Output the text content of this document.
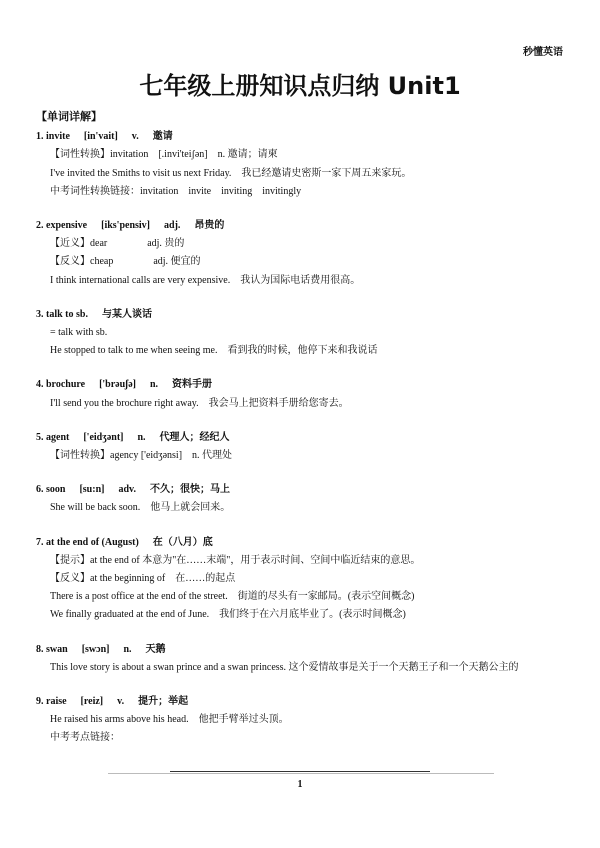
秒懂英语
七年级上册知识点归纳 Unit1
【单词详解】
1. invite [in'vait] v. 邀请
【词性转换】invitation　[.invi'teiʃən]　n. 邀请；请柬
I've invited the Smiths to visit us next Friday.　我已经邀请史密斯一家下周五来家玩。
中考词性转换链接：invitation　invite　inviting　invitingly
2. expensive [iks'pensiv] adj. 昂贵的
【近义】dear　　　　adj. 贵的
【反义】cheap　　　　adj. 便宜的
I think international calls are very expensive.　我认为国际电话费用很高。
3. talk to sb. 与某人谈话
= talk with sb.
He stopped to talk to me when seeing me.　看到我的时候，他停下来和我说话
4. brochure ['brəuʃə] n. 资料手册
I'll send you the brochure right away.　我会马上把资料手册给您寄去。
5. agent ['eidʒənt] n. 代理人；经纪人
【词性转换】agency ['eidʒənsi]　n. 代理处
6. soon [su:n] adv. 不久；很快；马上
She will be back soon.　他马上就会回来。
7. at the end of (August) 在（八月）底
【提示】at the end of 本意为"在……末端"，用于表示时间、空间中临近结束的意思。
【反义】at the beginning of　在……的起点
There is a post office at the end of the street.　街道的尽头有一家邮局。(表示空间概念)
We finally graduated at the end of June.　我们终于在六月底毕业了。(表示时间概念)
8. swan [swɔn] n. 天鹅
This love story is about a swan prince and a swan princess. 这个爱情故事是关于一个天鹅王子和一个天鹅公主的
9. raise [reiz] v. 提升；举起
He raised his arms above his head.　他把手臂举过头顶。
中考考点链接：
1
